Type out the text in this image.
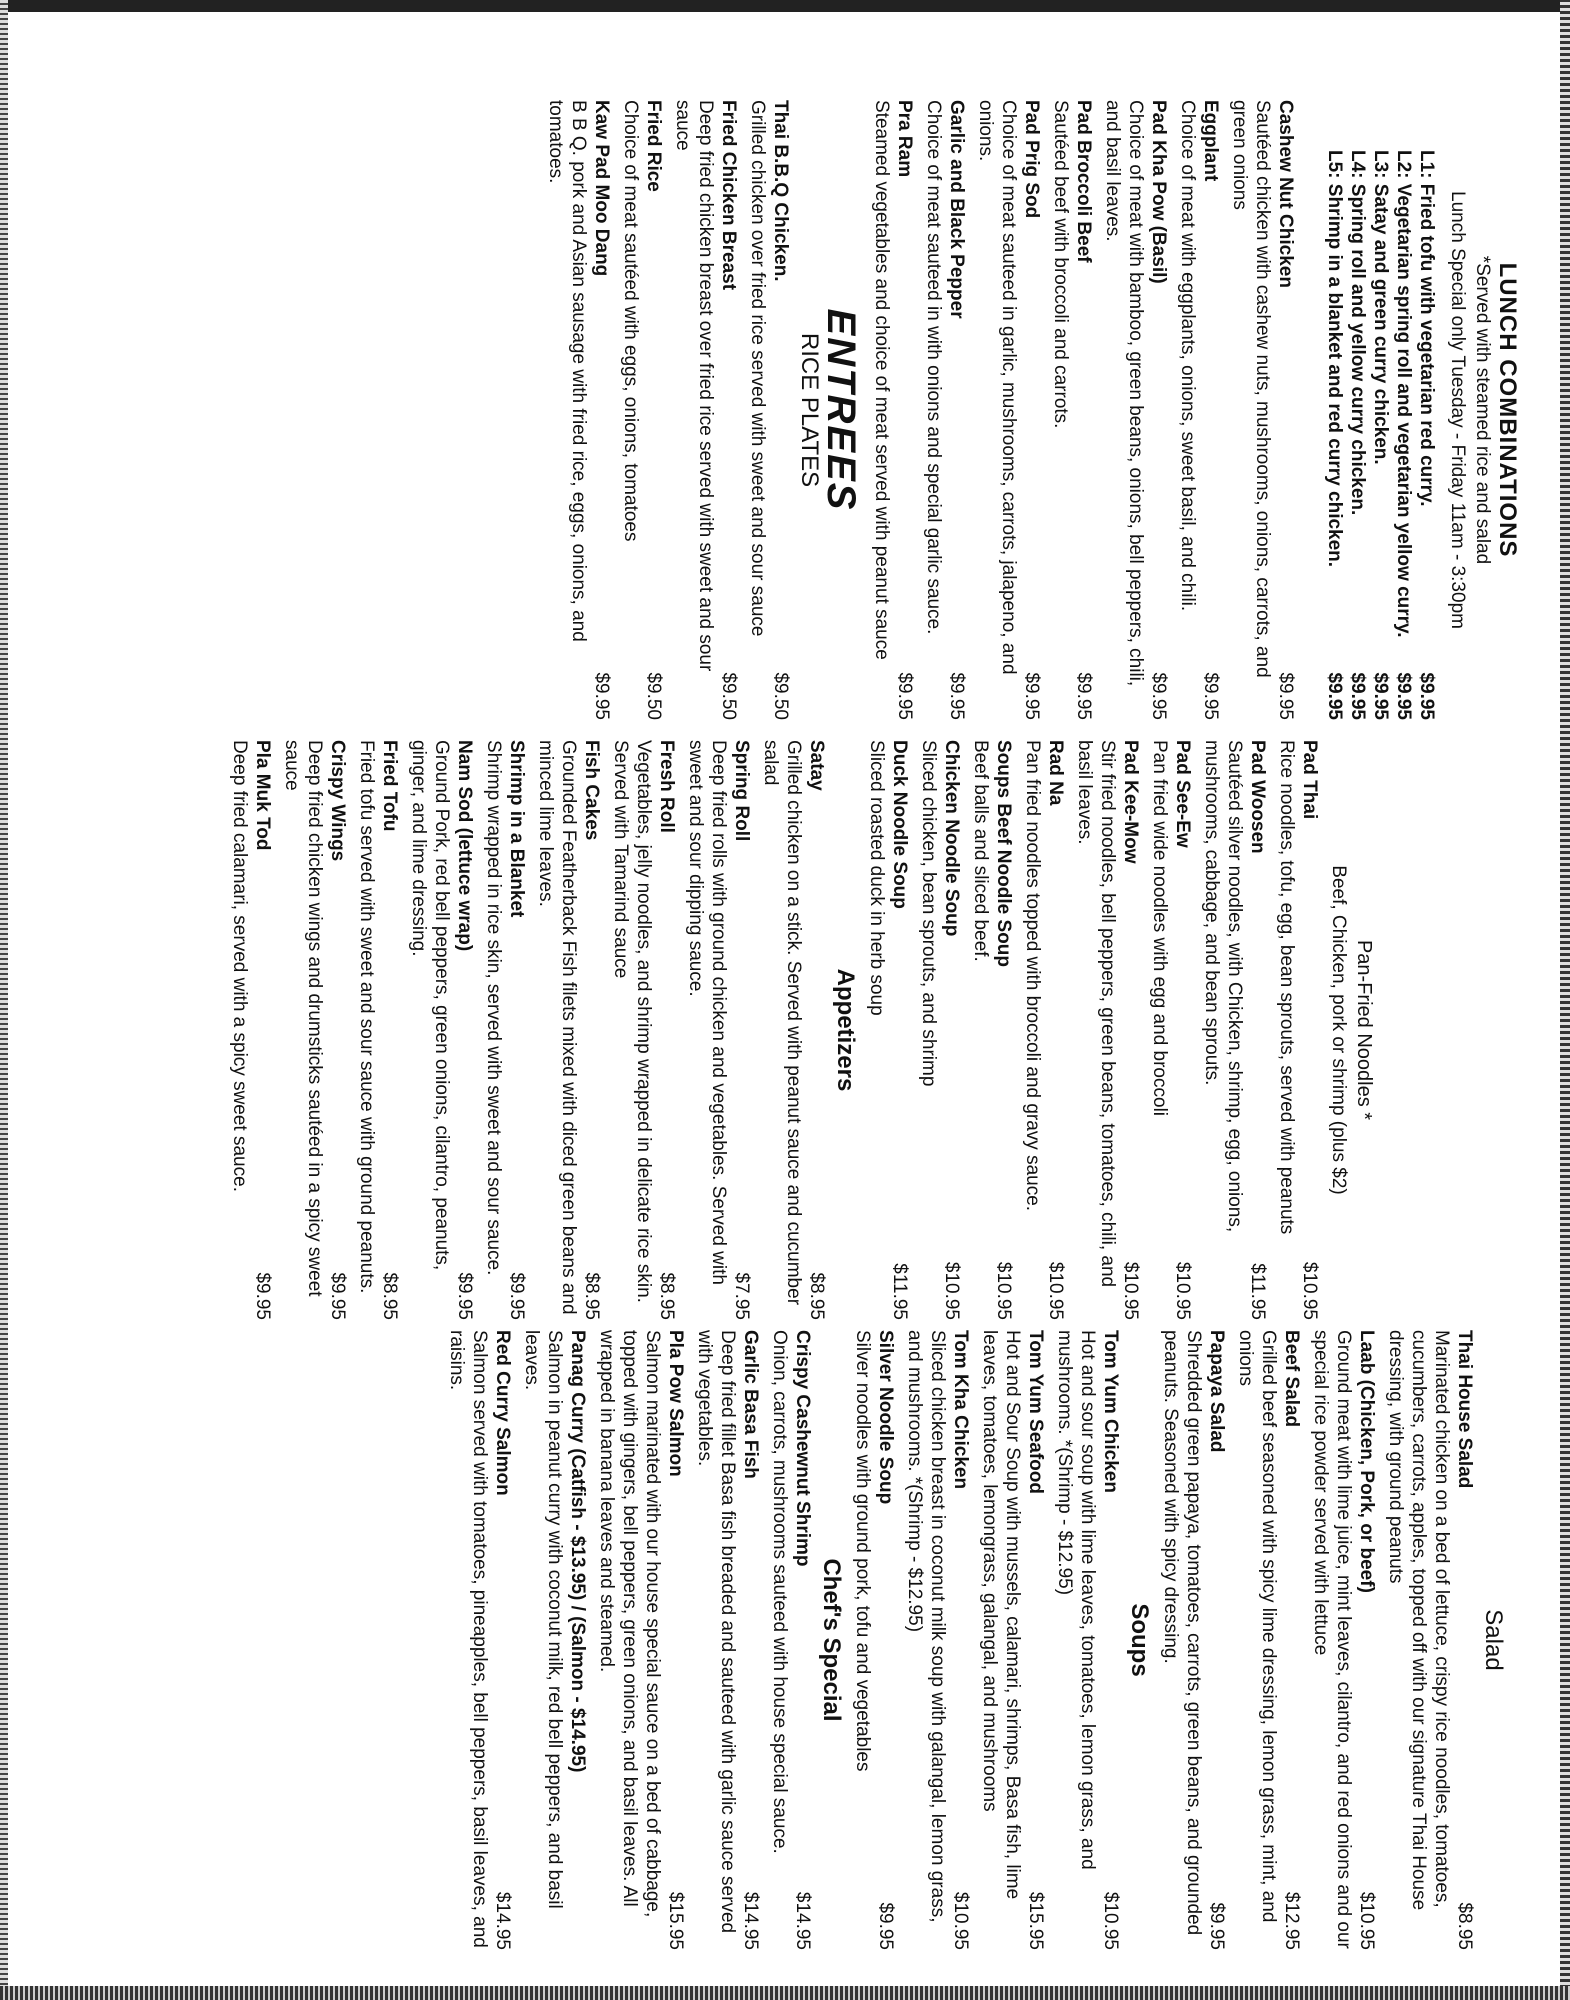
LUNCH COMBINATIONS
*Served with steamed rice and salad
Lunch Special only Tuesday - Friday 11am - 3:30pm
L1: Fried tofu with vegetarian red curry.
$9.95
L2: Vegetarian spring roll and vegetarian yellow curry.
$9.95
L3: Satay and green curry chicken.
$9.95
L4: Spring roll and yellow curry chicken.
$9.95
L5: Shrimp in a blanket and red curry chicken.
$9.95
Cashew Nut Chicken
$9.95
Sautéed chicken with cashew nuts, mushrooms, onions, carrots, and green onions
Eggplant
$9.95
Choice of meat with eggplants, onions, sweet basil, and chili.
Pad Kha Pow (Basil)
$9.95
Choice of meat with bamboo, green beans, onions, bell peppers, chili, and basil leaves.
Pad Broccoli Beef
$9.95
Sautéed beef with broccoli and carrots.
Pad Prig Sod
$9.95
Choice of meat sauteed in garlic, mushrooms, carrots, jalapeno, and onions.
Garlic and Black Pepper
$9.95
Choice of meat sauteed in with onions and special garlic sauce.
Pra Ram
$9.95
Steamed vegetables and choice of meat served with peanut sauce
ENTREES
RICE PLATES
Thai B.B.Q Chicken.
$9.50
Grilled chicken over fried rice served with sweet and sour sauce
Fried Chicken Breast
$9.50
Deep fried chicken breast over fried rice served with sweet and sour sauce
Fried Rice
$9.50
Choice of meat sautéed with eggs, onions, tomatoes
Kaw Pad Moo Dang
$9.95
B B Q. pork and Asian sausage with fried rice, eggs, onions, and tomatoes.
Pan-Fried Noodles *
Beef, Chicken, pork or shrimp (plus $2)
Pad Thai
$10.95
Rice noodles, tofu, egg, bean sprouts, served with peanuts
Pad Woosen
$11.95
Sautéed silver noodles, with Chicken, shrimp, egg, onions, mushrooms, cabbage, and bean sprouts.
Pad See-Ew
$10.95
Pan fried wide noodles with egg and broccoli
Pad Kee-Mow
$10.95
Stir fried noodles, bell peppers, green beans, tomatoes, chili, and basil leaves.
Rad Na
$10.95
Pan fried noodles topped with broccoli and gravy sauce.
Soups Beef Noodle Soup
$10.95
Beef balls and sliced beef.
Chicken Noodle Soup
$10.95
Sliced chicken, bean sprouts, and shrimp
Duck Noodle Soup
$11.95
Sliced roasted duck in herb soup
Appetizers
Satay
$8.95
Grilled chicken on a stick. Served with peanut sauce and cucumber salad
Spring Roll
$7.95
Deep fried rolls with ground chicken and vegetables. Served with sweet and sour dipping sauce.
Fresh Roll
$8.95
Vegetables, jelly noodles, and shrimp wrapped in delicate rice skin. Served with Tamarind sauce
Fish Cakes
$8.95
Grounded Featherback Fish filets mixed with diced green beans and minced lime leaves.
Shrimp in a Blanket
$9.95
Shrimp wrapped in rice skin, served with sweet and sour sauce.
Nam Sod (lettuce wrap)
$9.95
Ground Pork, red bell peppers, green onions, cilantro, peanuts, ginger, and lime dressing.
Fried Tofu
$8.95
Fried tofu served with sweet and sour sauce with ground peanuts.
Crispy Wings
$9.95
Deep fried chicken wings and drumsticks sautéed in a spicy sweet sauce
Pla Muk Tod
$9.95
Deep fried calamari, served with a spicy sweet sauce.
Salad
Thai House Salad
$8.95
Marinated chicken on a bed of lettuce, crispy rice noodles, tomatoes, cucumbers, carrots, apples, topped off with our signature Thai House dressing, with ground peanuts
Laab (Chicken, Pork, or beef)
$10.95
Ground meat with lime juice, mint leaves, cilantro, and red onions and our special rice powder served with lettuce
Beef Salad
$12.95
Grilled beef seasoned with spicy lime dressing, lemon grass, mint, and onions
Papaya Salad
$9.95
Shredded green papaya, tomatoes, carrots, green beans, and grounded peanuts. Seasoned with spicy dressing.
Soups
Tom Yum Chicken
$10.95
Hot and sour soup with lime leaves, tomatoes, lemon grass, and mushrooms. *(Shrimp - $12.95)
Tom Yum Seafood
$15.95
Hot and Sour Soup with mussels, calamari, shrimps, Basa fish, lime leaves, tomatoes, lemongrass, galangal, and mushrooms
Tom Kha Chicken
$10.95
Sliced chicken breast in coconut milk soup with galangal, lemon grass, and mushrooms. *(Shrimp - $12.95)
Silver Noodle Soup
$9.95
Silver noodles with ground pork, tofu and vegetables
Chef's Special
Crispy Cashewnut Shrimp
$14.95
Onion, carrots, mushrooms sauteed with house special sauce.
Garlic Basa Fish
$14.95
Deep fried fillet Basa fish breaded and sauteed with garlic sauce served with vegetables.
Pla Pow Salmon
$15.95
Salmon marinated with our house special sauce on a bed of cabbage, topped with gingers, bell peppers, green onions, and basil leaves. All wrapped in banana leaves and steamed.
Panag Curry (Catfish - $13.95) / (Salmon - $14.95)
Salmon in peanut curry with coconut milk, red bell peppers, and basil leaves.
Red Curry Salmon
$14.95
Salmon served with tomatoes, pineapples, bell peppers, basil leaves, and raisins.
